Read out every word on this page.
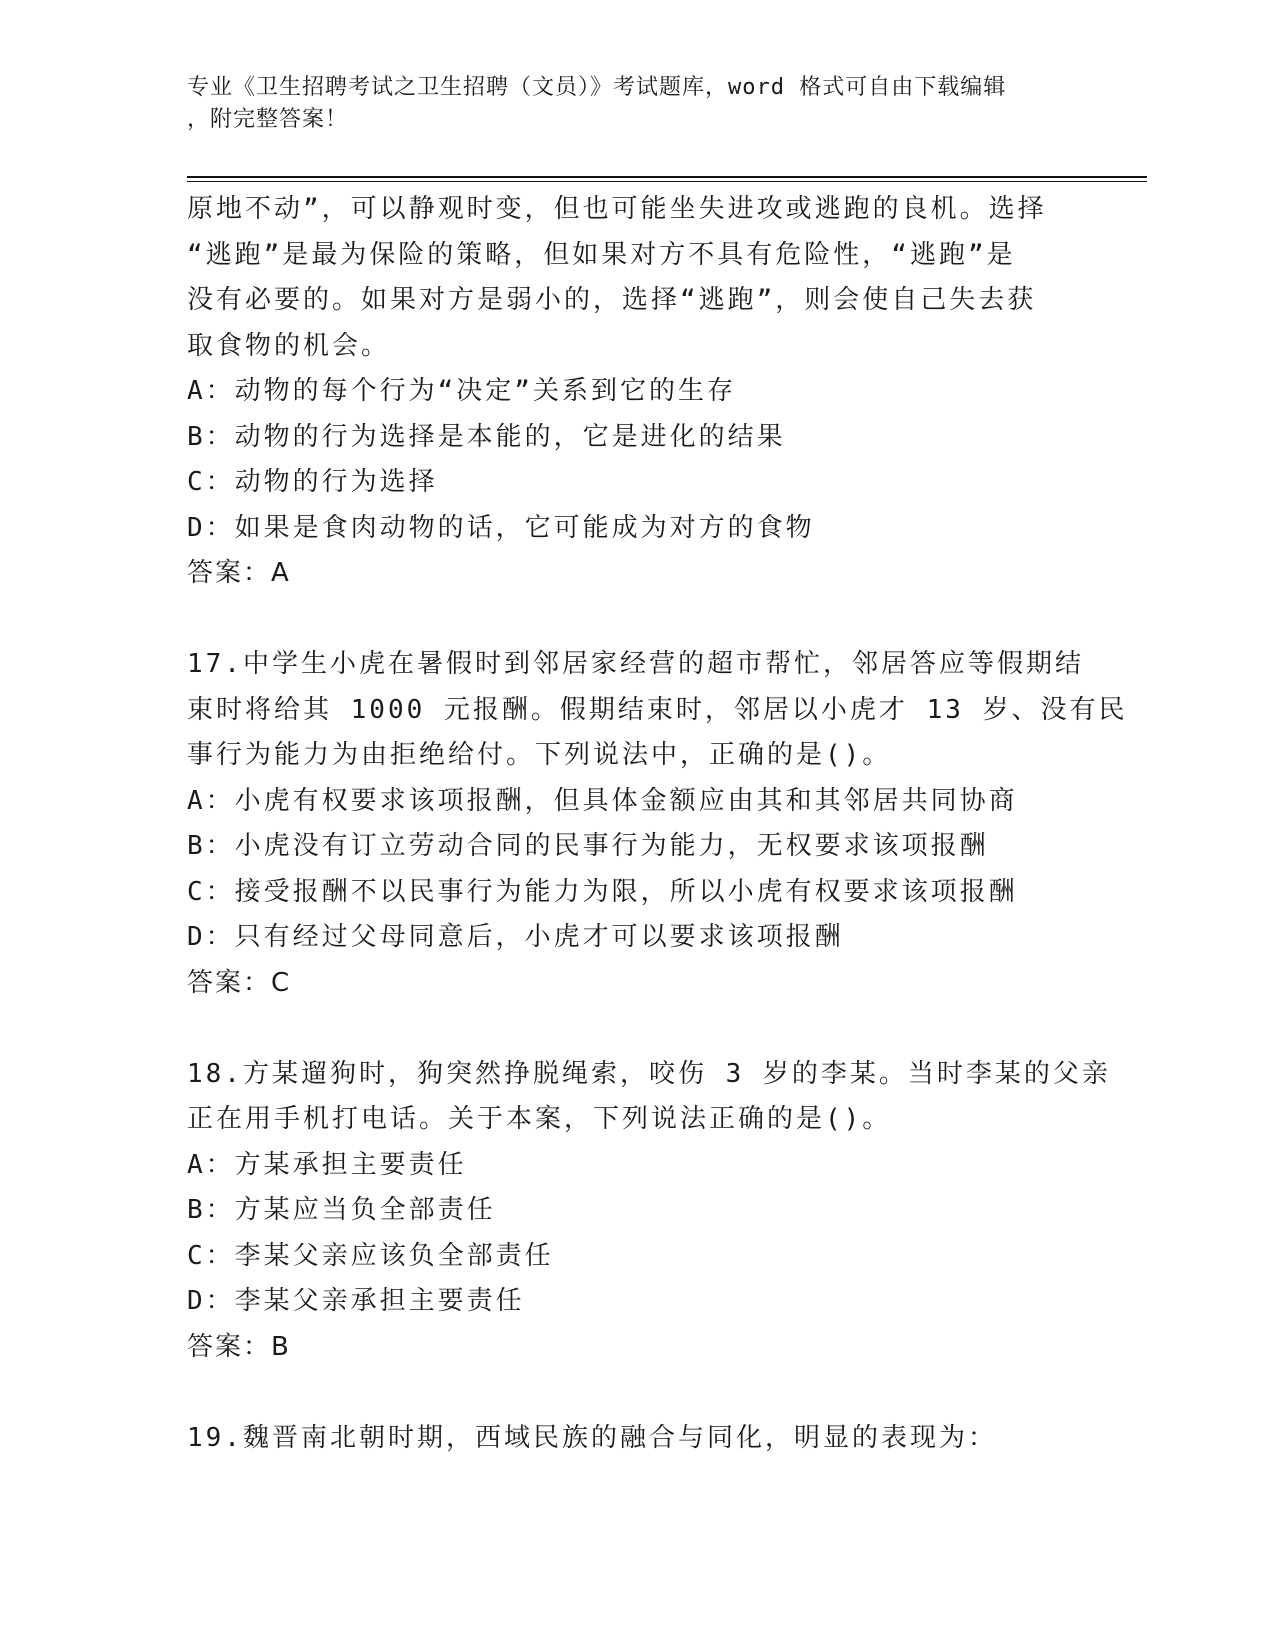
专业《卫生招聘考试之卫生招聘（文员）》考试题库，word 格式可自由下载编辑
，附完整答案！
原地不动”，可以静观时变，但也可能坐失进攻或逃跑的良机。选择
“逃跑”是最为保险的策略，但如果对方不具有危险性，“逃跑”是
没有必要的。如果对方是弱小的，选择“逃跑”，则会使自己失去获
取食物的机会。
A：动物的每个行为“决定”关系到它的生存
B：动物的行为选择是本能的，它是进化的结果
C：动物的行为选择
D：如果是食肉动物的话，它可能成为对方的食物
答案：A
17.中学生小虎在暑假时到邻居家经营的超市帮忙，邻居答应等假期结
束时将给其 1000 元报酬。假期结束时，邻居以小虎才 13 岁、没有民
事行为能力为由拒绝给付。下列说法中，正确的是()。
A：小虎有权要求该项报酬，但具体金额应由其和其邻居共同协商
B：小虎没有订立劳动合同的民事行为能力，无权要求该项报酬
C：接受报酬不以民事行为能力为限，所以小虎有权要求该项报酬
D：只有经过父母同意后，小虎才可以要求该项报酬
答案：C
18.方某遛狗时，狗突然挣脱绳索，咬伤 3 岁的李某。当时李某的父亲
正在用手机打电话。关于本案，下列说法正确的是()。
A：方某承担主要责任
B：方某应当负全部责任
C：李某父亲应该负全部责任
D：李某父亲承担主要责任
答案：B
19.魏晋南北朝时期，西域民族的融合与同化，明显的表现为：
